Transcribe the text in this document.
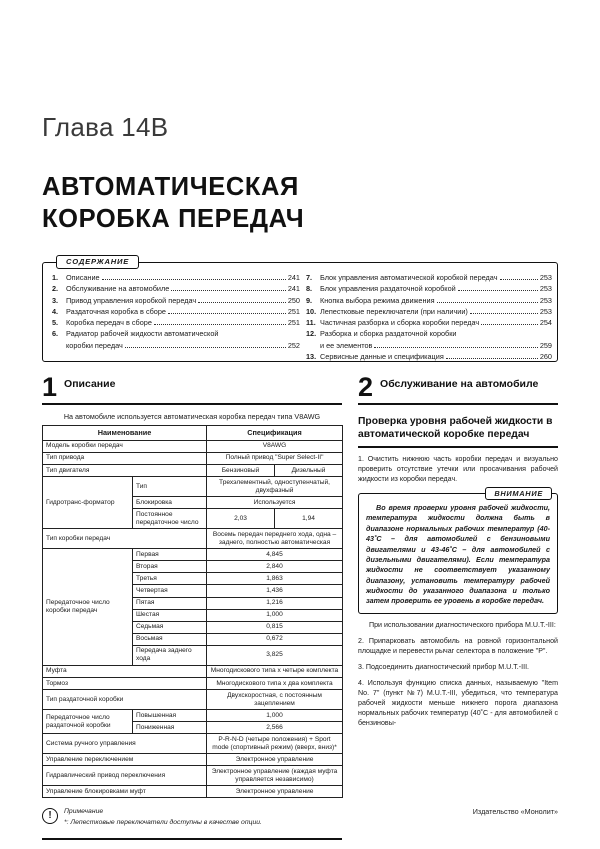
Глава 14B
АВТОМАТИЧЕСКАЯ КОРОБКА ПЕРЕДАЧ
СОДЕРЖАНИЕ
1.	Описание	241
2.	Обслуживание на автомобиле	241
3.	Привод управления коробкой передач	250
4.	Раздаточная коробка в сборе	251
5.	Коробка передач в сборе	251
6.	Радиатор рабочей жидкости автоматической
коробки передач	252
7.	Блок управления автоматической коробкой передач	253
8.	Блок управления раздаточной коробкой	253
9.	Кнопка выбора режима движения	253
10. Лепестковые переключатели (при наличии)	253
11. Частичная разборка и сборка коробки передач	254
12. Разборка и сборка раздаточной коробки
и ее элементов	259
13. Сервисные данные и спецификация	260
1 Описание
На автомобиле используется автоматическая коробка передач типа V8AWG
Наименование		Спецификация	
Модель коробки передач		V8AWG	
Тип привода		Полный привод "Super Select-II"	
Тип двигателя		Бензиновый	Дизельный
Гидротранс-форматор	Тип	Трехэлементный, одноступенчатый, двухфазный	
	Блокировка	Используется	
	Постоянное передаточное число	2,03	1,94
Тип коробки передач		Восемь передач переднего хода, одна – заднего, полностью автоматическая	
Передаточное число коробки передач	Первая	4,845	
	Вторая	2,840	
	Третья	1,863	
	Четвертая	1,436	
	Пятая	1,216	
	Шестая	1,000	
	Седьмая	0,815	
	Восьмая	0,672	
	Передача заднего хода	3,825	
Муфта		Многодискового типа х четыре комплекта	
Тормоз		Многодискового типа х два комплекта	
Тип раздаточной коробки		Двухскоростная, с постоянным зацеплением	
Передаточное число раздаточной коробки	Повышенная	1,000	
	Пониженная	2,566	
Система ручного управления		P-R-N-D (четыре положения) + Sport mode (спортивный режим) (вверх, вниз)*	
Управление переключением		Электронное управление	
Гидравлический привод переключения		Электронное управление (каждая муфта управляется независимо)	
Управление блокировками муфт		Электронное управление	
!	Примечание
*: Лепестковые переключатели доступны в качестве опции.
2 Обслуживание на автомобиле
Проверка уровня рабочей жидкости в автоматической коробке передач
1. Очистить нижнюю часть коробки передач и визуально проверить отсутствие утечки или просачивания рабочей жидкости из коробки передач.
ВНИМАНИЕ
Во время проверки уровня рабочей жидкости, температура жидкости должна быть в диапазоне нормальных рабочих температур (40-43˚С – для автомобилей с бензиновыми двигателями и 43-46˚С – для автомобилей с дизельными двигателями). Если температура жидкости не соответствует указанному диапазону, установить температуру рабочей жидкости до указанного диапазона и только затем проверить ее уровень в коробке передач.
При использовании диагностического прибора M.U.T.-III:
2. Припарковать автомобиль на ровной горизонтальной площадке и перевести рычаг селектора в положение "P".
3. Подсоединить диагностический прибор M.U.T.-III.
4. Используя функцию списка данных, называемую "Item No. 7" (пункт №7) M.U.T.-III, убедиться, что температура рабочей жидкости меньше нижнего порога диапазона нормальных рабочих температур (40˚С - для автомобилей с бензиновы-
Издательство «Монолит»
